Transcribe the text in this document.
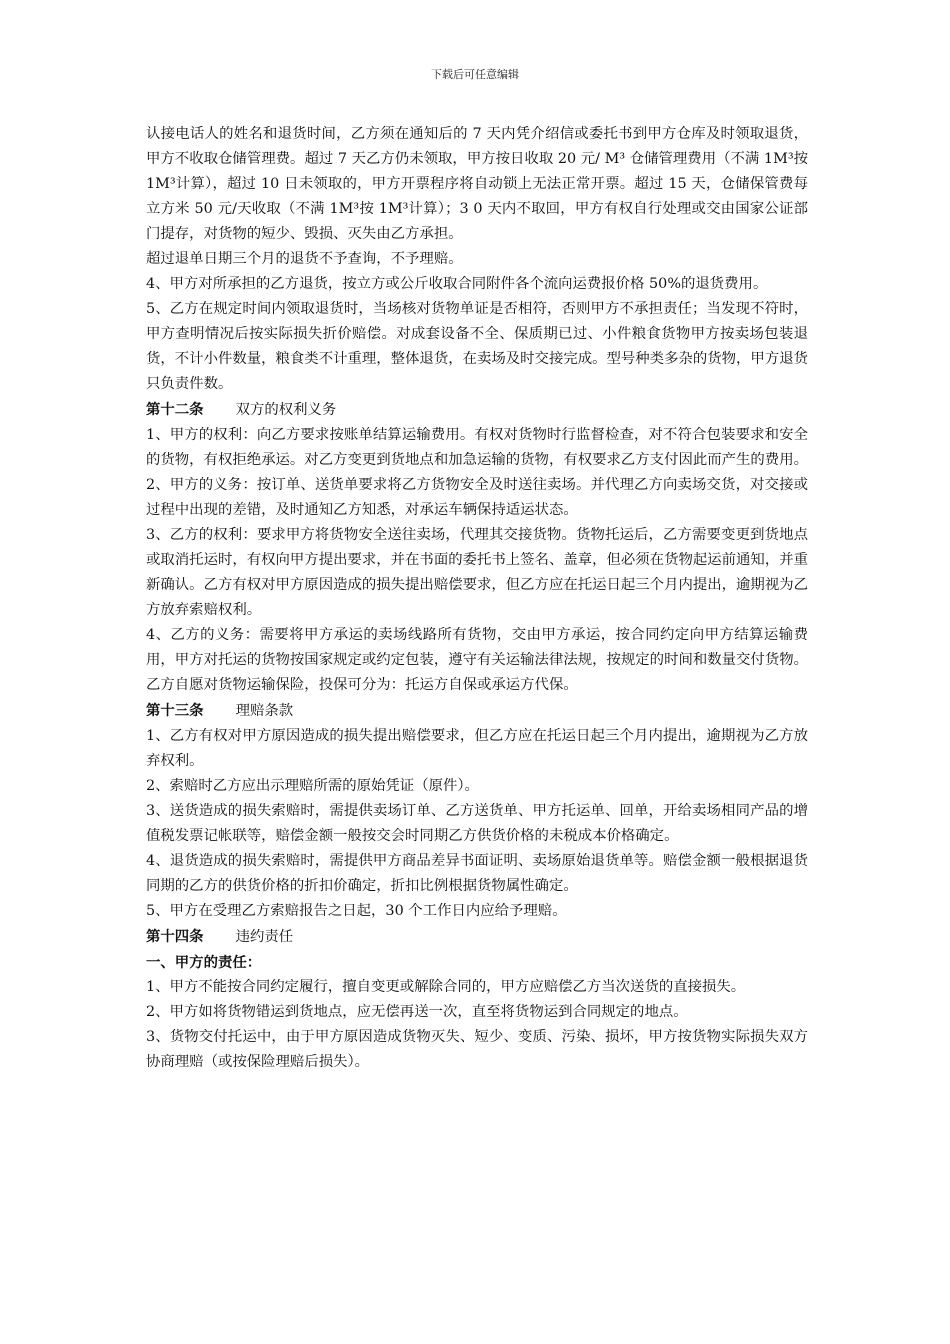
下载后可任意编辑

认接电话人的姓名和退货时间，乙方须在通知后的 7 天内凭介绍信或委托书到甲方仓库及时领取退货，甲方不收取仓储管理费。超过 7 天乙方仍未领取，甲方按日收取 20 元/ M³ 仓储管理费用（不满 1M³按 1M³计算），超过 10 日未领取的，甲方开票程序将自动锁上无法正常开票。超过 15 天，仓储保管费每立方米 50 元/天收取（不满 1M³按 1M³计算）；3 0 天内不取回，甲方有权自行处理或交由国家公证部门提存，对货物的短少、毁损、灭失由乙方承担。

超过退单日期三个月的退货不予查询，不予理赔。

4、甲方对所承担的乙方退货，按立方或公斤收取合同附件各个流向运费报价格 50%的退货费用。

5、乙方在规定时间内领取退货时，当场核对货物单证是否相符，否则甲方不承担责任；当发现不符时，甲方查明情况后按实际损失折价赔偿。对成套设备不全、保质期已过、小件粮食货物甲方按卖场包装退货，不计小件数量，粮食类不计重理，整体退货，在卖场及时交接完成。型号种类多杂的货物，甲方退货只负责件数。

第十二条 双方的权利义务

1、甲方的权利：向乙方要求按账单结算运输费用。有权对货物时行监督检查，对不符合包装要求和安全的货物，有权拒绝承运。对乙方变更到货地点和加急运输的货物，有权要求乙方支付因此而产生的费用。

2、甲方的义务：按订单、送货单要求将乙方货物安全及时送往卖场。并代理乙方向卖场交货，对交接或过程中出现的差错，及时通知乙方知悉，对承运车辆保持适运状态。

3、乙方的权利：要求甲方将货物安全送往卖场，代理其交接货物。货物托运后，乙方需要变更到货地点或取消托运时，有权向甲方提出要求，并在书面的委托书上签名、盖章，但必须在货物起运前通知，并重新确认。乙方有权对甲方原因造成的损失提出赔偿要求，但乙方应在托运日起三个月内提出，逾期视为乙方放弃索赔权利。

4、乙方的义务：需要将甲方承运的卖场线路所有货物，交由甲方承运，按合同约定向甲方结算运输费用，甲方对托运的货物按国家规定或约定包装，遵守有关运输法律法规，按规定的时间和数量交付货物。乙方自愿对货物运输保险，投保可分为：托运方自保或承运方代保。

第十三条 理赔条款

1、乙方有权对甲方原因造成的损失提出赔偿要求，但乙方应在托运日起三个月内提出，逾期视为乙方放弃权利。

2、索赔时乙方应出示理赔所需的原始凭证（原件）。

3、送货造成的损失索赔时，需提供卖场订单、乙方送货单、甲方托运单、回单，开给卖场相同产品的增值税发票记帐联等，赔偿金额一般按交会时同期乙方供货价格的未税成本价格确定。

4、退货造成的损失索赔时，需提供甲方商品差异书面证明、卖场原始退货单等。赔偿金额一般根据退货同期的乙方的供货价格的折扣价确定，折扣比例根据货物属性确定。

5、甲方在受理乙方索赔报告之日起，30 个工作日内应给予理赔。

第十四条 违约责任

一、甲方的责任：

1、甲方不能按合同约定履行，擅自变更或解除合同的，甲方应赔偿乙方当次送货的直接损失。

2、甲方如将货物错运到货地点，应无偿再送一次，直至将货物运到合同规定的地点。

3、货物交付托运中，由于甲方原因造成货物灭失、短少、变质、污染、损坏，甲方按货物实际损失双方协商理赔（或按保险理赔后损失）。
